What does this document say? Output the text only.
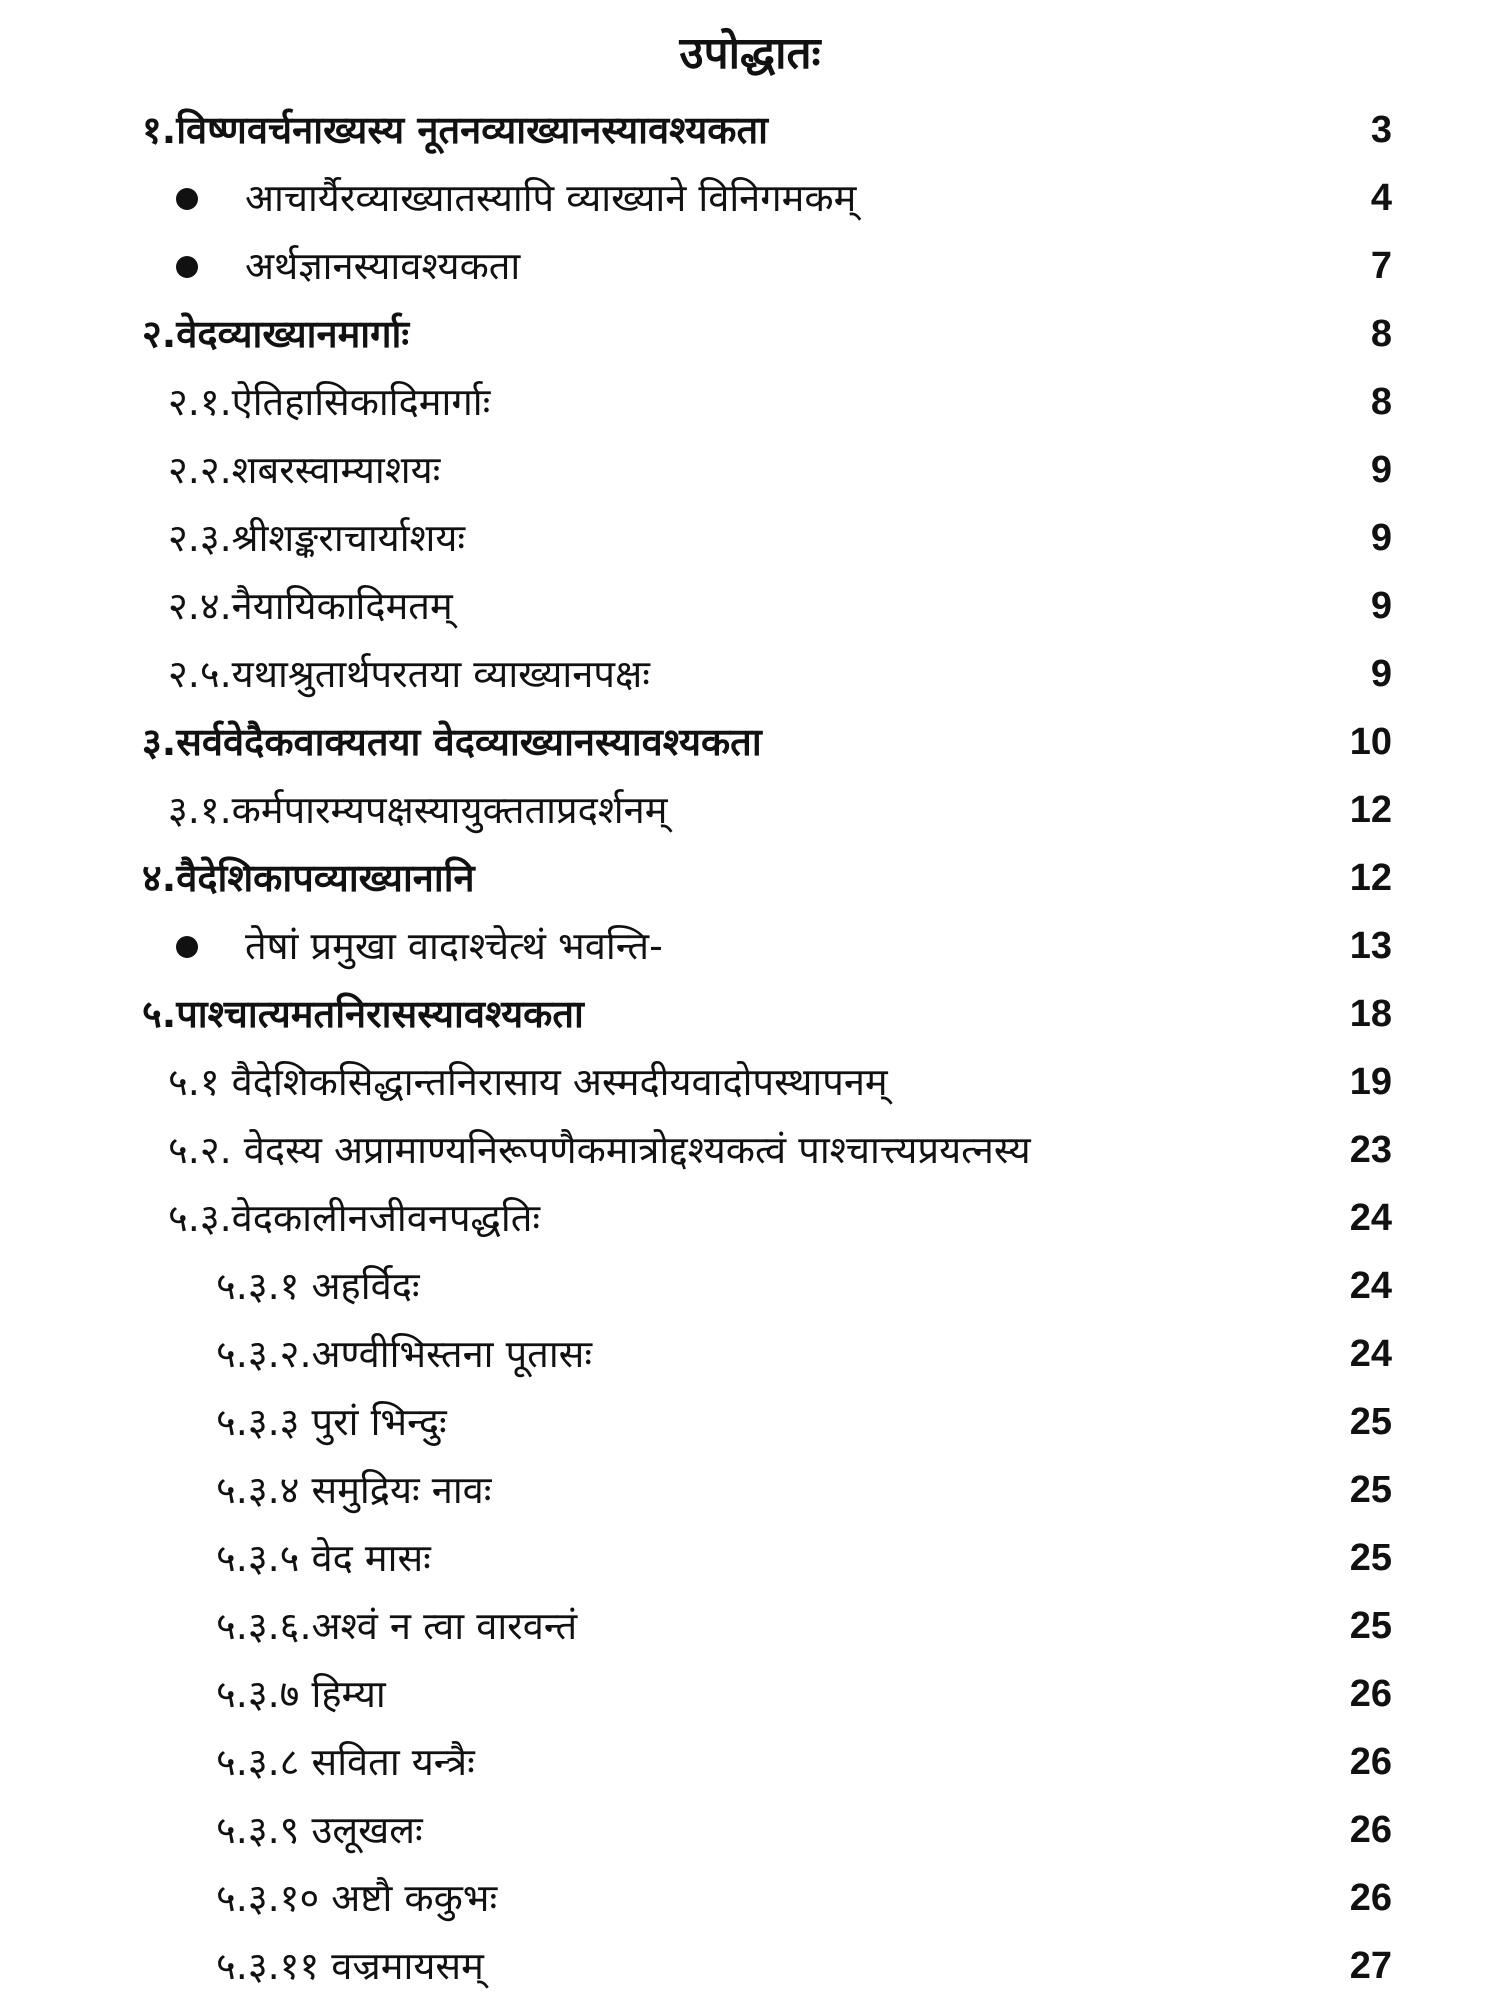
उपोद्धातः
१.विष्णवर्चनाख्यस्य नूतनव्याख्यानस्यावश्यकता	3
आचार्यैरव्याख्यातस्यापि व्याख्याने विनिगमकम्	4
अर्थज्ञानस्यावश्यकता	7
२.वेदव्याख्यानमार्गाः	8
२.१.ऐतिहासिकादिमार्गाः	8
२.२.शबरस्वाम्याशयः	9
२.३.श्रीशङ्कराचार्याशयः	9
२.४.नैयायिकादिमतम्	9
२.५.यथाश्रुतार्थपरतया व्याख्यानपक्षः	9
३.सर्ववेदैकवाक्यतया वेदव्याख्यानस्यावश्यकता	10
३.१.कर्मपारम्यपक्षस्यायुक्तताप्रदर्शनम्	12
४.वैदेशिकापव्याख्यानानि	12
तेषां प्रमुखा वादाश्चेत्थं भवन्ति-	13
५.पाश्चात्यमतनिरासस्यावश्यकता	18
५.१ वैदेशिकसिद्धान्तनिरासाय अस्मदीयवादोपस्थापनम्	19
५.२. वेदस्य अप्रामाण्यनिरूपणैकमात्रोद्दश्यकत्वं पाश्चात्त्यप्रयत्नस्य	23
५.३.वेदकालीनजीवनपद्धतिः	24
५.३.१ अहर्विदः	24
५.३.२.अण्वीभिस्तना पूतासः	24
५.३.३ पुरां भिन्दुः	25
५.३.४ समुद्रियः नावः	25
५.३.५ वेद मासः	25
५.३.६.अश्वं न त्वा वारवन्तं	25
५.३.७ हिम्या	26
५.३.८ सविता यन्त्रैः	26
५.३.९ उलूखलः	26
५.३.१० अष्टौ ककुभः	26
५.३.११ वज्रमायसम्	27
